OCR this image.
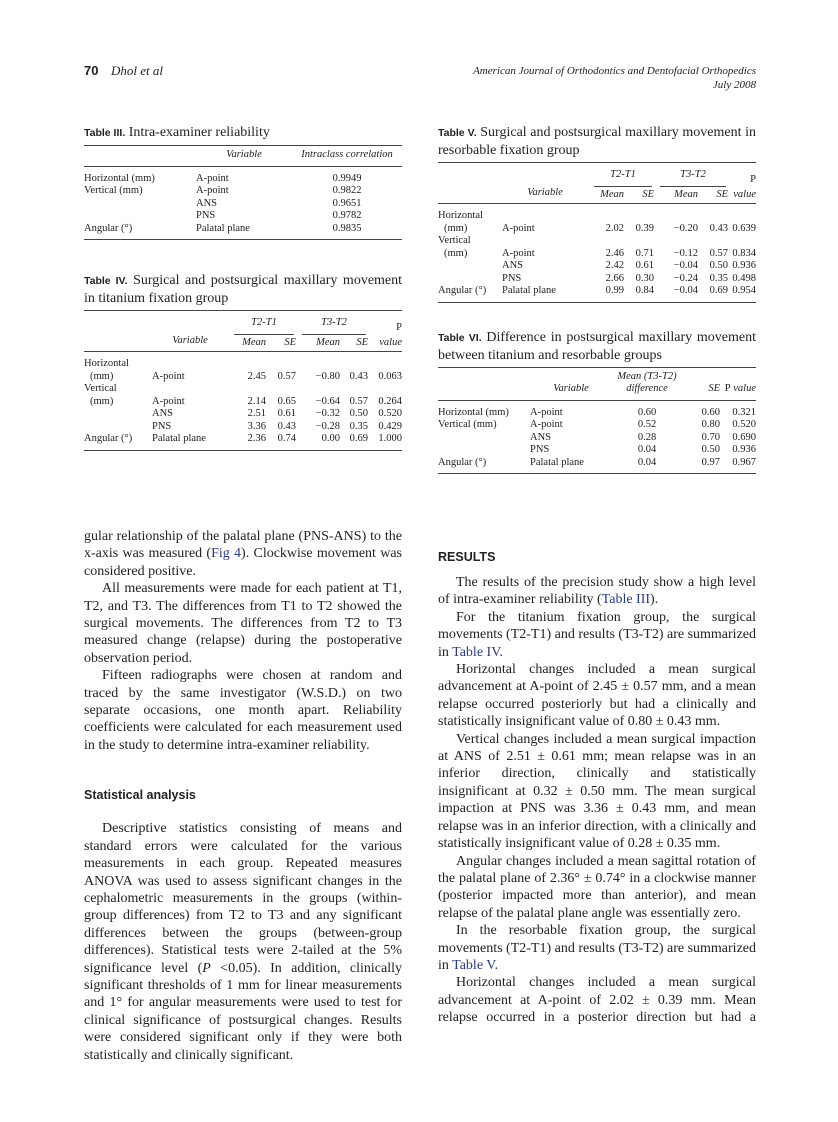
70 Dhol et al	American Journal of Orthodontics and Dentofacial Orthopedics
July 2008

Table III. Intra-examiner reliability

	Variable	Intraclass correlation
Horizontal (mm)	A-point	0.9949
Vertical (mm)	A-point	0.9822
	ANS	0.9651
	PNS	0.9782
Angular (°)	Palatal plane	0.9835

Table IV. Surgical and postsurgical maxillary movement in titanium fixation group

		T2-T1		T3-T2		P
	Variable	Mean	SE	Mean	SE	value
Horizontal						
(mm)	A-point	2.45	0.57	−0.80	0.43	0.063
Vertical						
(mm)	A-point	2.14	0.65	−0.64	0.57	0.264
	ANS	2.51	0.61	−0.32	0.50	0.520
	PNS	3.36	0.43	−0.28	0.35	0.429
Angular (°)	Palatal plane	2.36	0.74	0.00	0.69	1.000

gular relationship of the palatal plane (PNS-ANS) to the x-axis was measured (Fig 4). Clockwise movement was considered positive.

All measurements were made for each patient at T1, T2, and T3. The differences from T1 to T2 showed the surgical movements. The differences from T2 to T3 measured change (relapse) during the postoperative observation period.

Fifteen radiographs were chosen at random and traced by the same investigator (W.S.D.) on two separate occasions, one month apart. Reliability coefficients were calculated for each measurement used in the study to determine intra-examiner reliability.

Statistical analysis

Descriptive statistics consisting of means and standard errors were calculated for the various measurements in each group. Repeated measures ANOVA was used to assess significant changes in the cephalometric measurements in the groups (within-group differences) from T2 to T3 and any significant differences between the groups (between-group differences). Statistical tests were 2-tailed at the 5% significance level (P <0.05). In addition, clinically significant thresholds of 1 mm for linear measurements and 1° for angular measurements were used to test for clinical significance of postsurgical changes. Results were considered significant only if they were both statistically and clinically significant.

Table V. Surgical and postsurgical maxillary movement in resorbable fixation group

		T2-T1		T3-T2		P
	Variable	Mean	SE	Mean	SE	value
Horizontal						
(mm)	A-point	2.02	0.39	−0.20	0.43	0.639
Vertical						
(mm)	A-point	2.46	0.71	−0.12	0.57	0.834
	ANS	2.42	0.61	−0.04	0.50	0.936
	PNS	2.66	0.30	−0.24	0.35	0.498
Angular (°)	Palatal plane	0.99	0.84	−0.04	0.69	0.954

Table VI. Difference in postsurgical maxillary movement between titanium and resorbable groups

	Variable	Mean (T3-T2)
difference	SE	P value
Horizontal (mm)	A-point	0.60	0.60	0.321
Vertical (mm)	A-point	0.52	0.80	0.520
	ANS	0.28	0.70	0.690
	PNS	0.04	0.50	0.936
Angular (°)	Palatal plane	0.04	0.97	0.967

RESULTS

The results of the precision study show a high level of intra-examiner reliability (Table III).

For the titanium fixation group, the surgical movements (T2-T1) and results (T3-T2) are summarized in Table IV.

Horizontal changes included a mean surgical advancement at A-point of 2.45 ± 0.57 mm, and a mean relapse occurred posteriorly but had a clinically and statistically insignificant value of 0.80 ± 0.43 mm.

Vertical changes included a mean surgical impaction at ANS of 2.51 ± 0.61 mm; mean relapse was in an inferior direction, clinically and statistically insignificant at 0.32 ± 0.50 mm. The mean surgical impaction at PNS was 3.36 ± 0.43 mm, and mean relapse was in an inferior direction, with a clinically and statistically insignificant value of 0.28 ± 0.35 mm.

Angular changes included a mean sagittal rotation of the palatal plane of 2.36° ± 0.74° in a clockwise manner (posterior impacted more than anterior), and mean relapse of the palatal plane angle was essentially zero.

In the resorbable fixation group, the surgical movements (T2-T1) and results (T3-T2) are summarized in Table V.

Horizontal changes included a mean surgical advancement at A-point of 2.02 ± 0.39 mm. Mean relapse occurred in a posterior direction but had a
